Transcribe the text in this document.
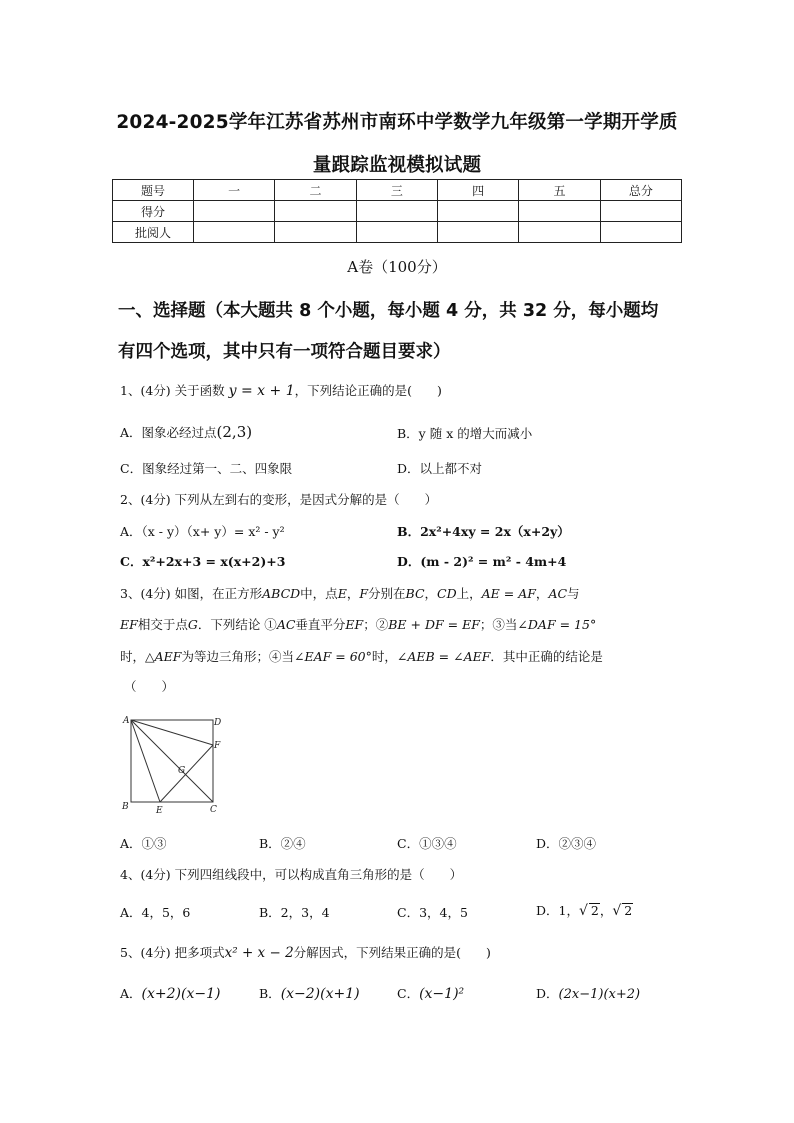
2024-2025学年江苏省苏州市南环中学数学九年级第一学期开学质
量跟踪监视模拟试题
题号	一	二	三	四	五	总分
得分						
批阅人						
A卷（100分）
一、选择题（本大题共 8 个小题，每小题 4 分，共 32 分，每小题均
有四个选项，其中只有一项符合题目要求）
1、(4分) 关于函数 y = x + 1，下列结论正确的是(　　)
A．图象必经过点(2,3)	B．y 随 x 的增大而减小
C．图象经过第一、二、四象限	D．以上都不对
2、(4分) 下列从左到右的变形，是因式分解的是（　　）
A．（x - y）（x+ y）= x² - y²	B．2x²+4xy = 2x（x+2y）
C．x²+2x+3 = x(x+2)+3	D．(m - 2)² = m² - 4m+4
3、(4分) 如图，在正方形ABCD中，点E，F分别在BC，CD上，AE = AF，AC与
EF相交于点G．下列结论 ①AC垂直平分EF；②BE + DF = EF；③当∠DAF = 15°
时，△AEF为等边三角形；④当∠EAF = 60°时，∠AEB = ∠AEF．其中正确的结论是
（　　）
A	D
F
G
B	E	C
A．①③	B．②④	C．①③④	D．②③④
4、(4分) 下列四组线段中，可以构成直角三角形的是（　　）
A．4，5，6	B．2，3，4	C．3，4，5	D．1，√ 2，√ 2
5、(4分) 把多项式x² + x − 2分解因式，下列结果正确的是(　　)
A．(x+2)(x−1)	B．(x−2)(x+1)	C．(x−1)²	D．(2x−1)(x+2)
